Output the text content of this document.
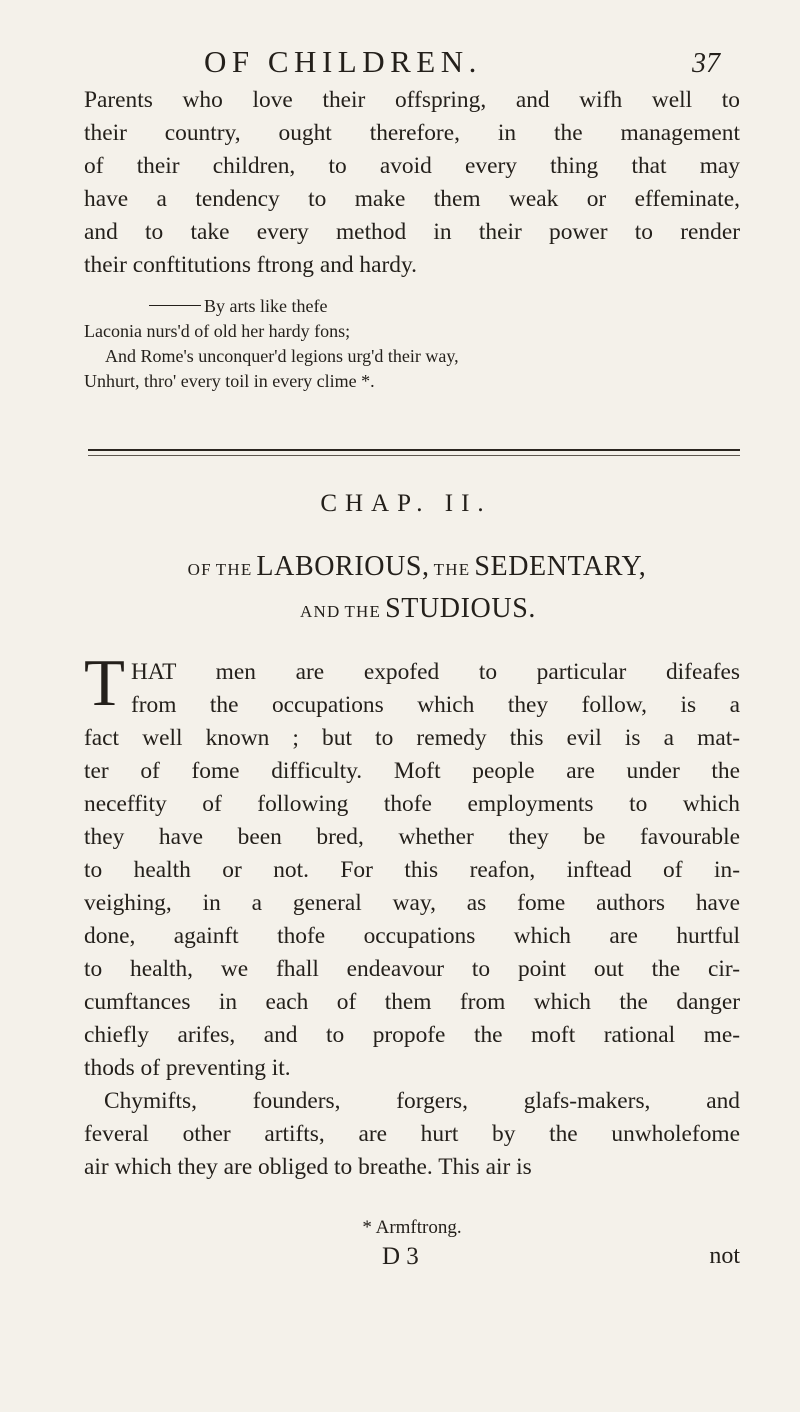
OF CHILDREN.	37
Parents who love their offspring, and wifh well to
their country, ought therefore, in the management
of their children, to avoid every thing that may
have a tendency to make them weak or effeminate,
and to take every method in their power to render
their conftitutions ftrong and hardy.
By arts like thefe
Laconia nurs'd of old her hardy fons;
And Rome's unconquer'd legions urg'd their way,
Unhurt, thro' every toil in every clime *.
CHAP. II.
OF THE LABORIOUS, THE SEDENTARY,
AND THE STUDIOUS.
T HAT men are expofed to particular difeafes
from the occupations which they follow, is a
fact well known ; but to remedy this evil is a mat-
ter of fome difficulty. Moft people are under the
neceffity of following thofe employments to which
they have been bred, whether they be favourable
to health or not. For this reafon, inftead of in-
veighing, in a general way, as fome authors have
done, againft thofe occupations which are hurtful
to health, we fhall endeavour to point out the cir-
cumftances in each of them from which the danger
chiefly arifes, and to propofe the moft rational me-
thods of preventing it.
Chymifts, founders, forgers, glafs-makers, and
feveral other artifts, are hurt by the unwholefome
air which they are obliged to breathe. This air is
* Armftrong.
D 3	not
